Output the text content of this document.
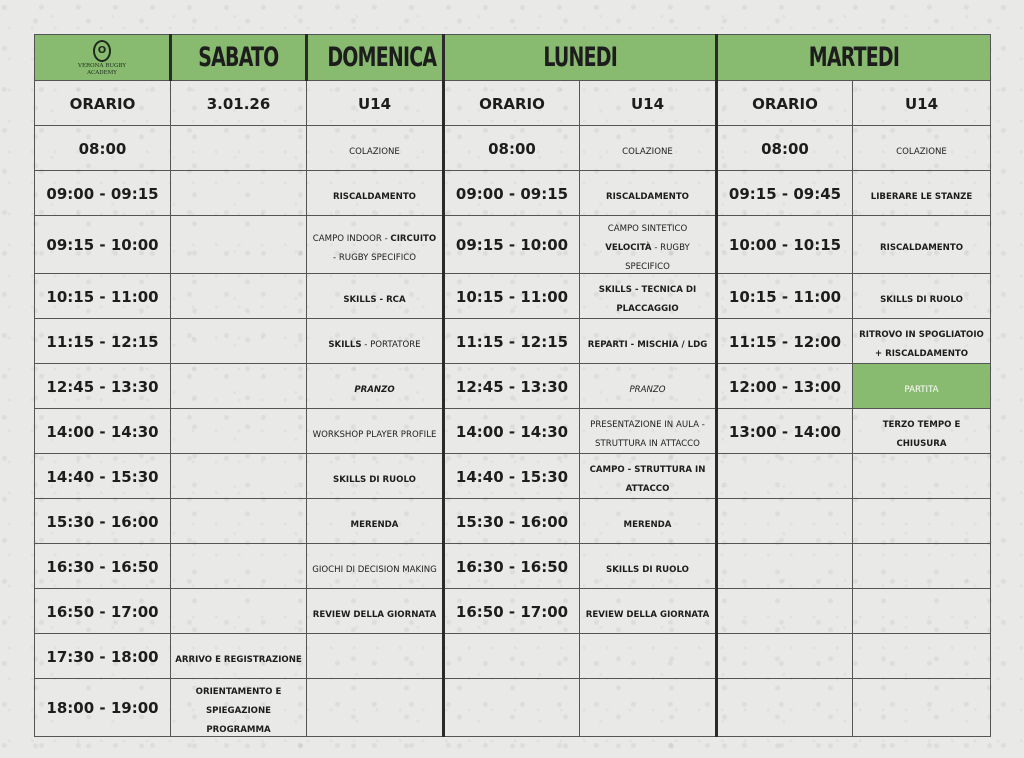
O
VERONA RUGBY
ACADEMY	SABATO	DOMENICA	LUNEDI		MARTEDI	
ORARIO	3.01.26	U14	ORARIO	U14	ORARIO	U14
08:00		COLAZIONE	08:00	COLAZIONE	08:00	COLAZIONE
09:00 - 09:15		RISCALDAMENTO	09:00 - 09:15	RISCALDAMENTO	09:15 - 09:45	LIBERARE LE STANZE
09:15 - 10:00		CAMPO INDOOR - CIRCUITO - RUGBY SPECIFICO	09:15 - 10:00	CAMPO SINTETICO VELOCITÀ - RUGBY SPECIFICO	10:00 - 10:15	RISCALDAMENTO
10:15 - 11:00		SKILLS - RCA	10:15 - 11:00	SKILLS - TECNICA DI PLACCAGGIO	10:15 - 11:00	SKILLS DI RUOLO
11:15 - 12:15		SKILLS - PORTATORE	11:15 - 12:15	REPARTI - MISCHIA / LDG	11:15 - 12:00	RITROVO IN SPOGLIATOIO + RISCALDAMENTO
12:45 - 13:30		PRANZO	12:45 - 13:30	PRANZO	12:00 - 13:00	PARTITA
14:00 - 14:30		WORKSHOP PLAYER PROFILE	14:00 - 14:30	PRESENTAZIONE IN AULA - STRUTTURA IN ATTACCO	13:00 - 14:00	TERZO TEMPO E CHIUSURA
14:40 - 15:30		SKILLS DI RUOLO	14:40 - 15:30	CAMPO - STRUTTURA IN ATTACCO		
15:30 - 16:00		MERENDA	15:30 - 16:00	MERENDA		
16:30 - 16:50		GIOCHI DI DECISION MAKING	16:30 - 16:50	SKILLS DI RUOLO		
16:50 - 17:00		REVIEW DELLA GIORNATA	16:50 - 17:00	REVIEW DELLA GIORNATA		
17:30 - 18:00	ARRIVO E REGISTRAZIONE					
18:00 - 19:00	ORIENTAMENTO E SPIEGAZIONE PROGRAMMA					
